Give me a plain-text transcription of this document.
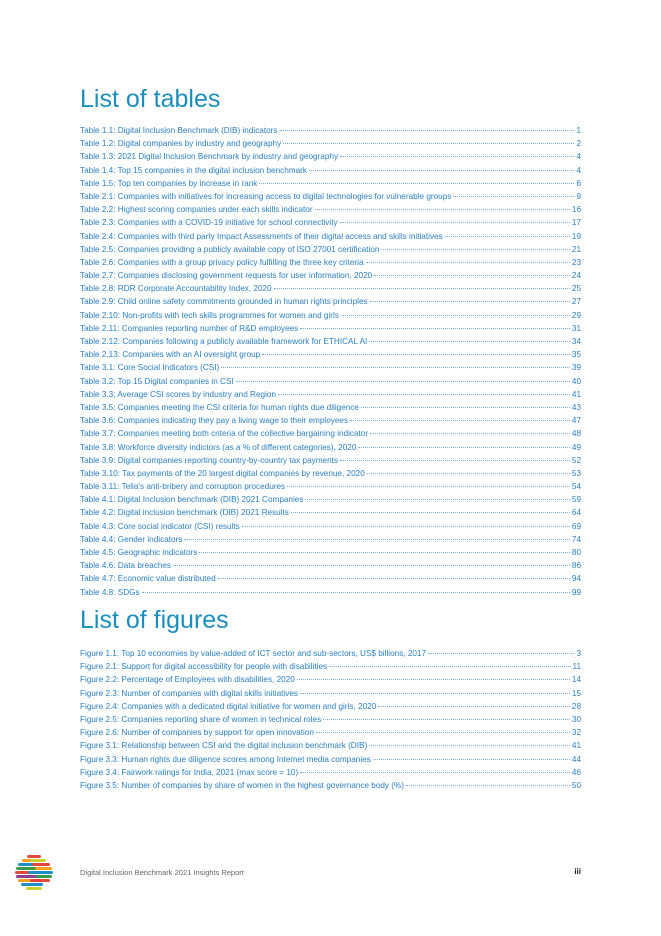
List of tables
Table 1.1: Digital Inclusion Benchmark (DIB) indicators	1
Table 1.2: Digital companies by industry and geography	2
Table 1.3: 2021 Digital Inclusion Benchmark by industry and geography	4
Table 1.4: Top 15 companies in the digital inclusion benchmark	4
Table 1.5: Top ten companies by increase in rank	6
Table 2.1: Companies with initiatives for increasing access to digital technologies for vulnerable groups	9
Table 2.2: Highest scoring companies under each skills indicator	16
Table 2.3: Companies with a COVID-19 initiative for school connectivity	17
Table 2.4: Companies with third party Impact Assessments of their digital access and skills initiatives	19
Table 2.5: Companies providing a publicly available copy of ISO 27001 certification	21
Table 2.6: Companies with a group privacy policy fulfilling the three key criteria	23
Table 2.7: Companies disclosing government requests for user information, 2020	24
Table 2.8: RDR Corporate Accountability Index, 2020	25
Table 2.9: Child online safety commitments grounded in human rights principles	27
Table 2.10: Non-profits with tech skills programmes for women and girls	29
Table 2.11: Companies reporting number of R&D employees	31
Table 2.12: Companies following a publicly available framework for ETHICAL AI	34
Table 2.13: Companies with an AI oversight group	35
Table 3.1: Core Social Indicators (CSI)	39
Table 3.2: Top 15 Digital companies in CSI	40
Table 3.3: Average CSI scores by industry and Region	41
Table 3.5: Companies meeting the CSI criteria for human rights due diligence	43
Table 3.6: Companies indicating they pay a living wage to their employees	47
Table 3.7: Companies meeting both criteria of the collective bargaining indicator	48
Table 3.8: Workforce diversity indictors (as a % of different categories), 2020	49
Table 3.9: Digital companies reporting country-by-country tax payments	52
Table 3.10: Tax payments of the 20 largest digital companies by revenue, 2020	53
Table 3.11: Telia's anti-bribery and corruption procedures	54
Table 4.1: Digital Inclusion benchmark (DIB) 2021 Companies	59
Table 4.2: Digital inclusion benchmark (DIB) 2021 Results	64
Table 4.3: Core social indicator (CSI) results	69
Table 4.4: Gender indicators	74
Table 4.5: Geographic indicators	80
Table 4.6: Data breaches	86
Table 4.7: Economic value distributed	94
Table 4.8: SDGs	99
List of figures
Figure 1.1: Top 10 economies by value-added of ICT sector and sub-sectors, US$ billions, 2017	3
Figure 2.1: Support for digital accessibility for people with disabilities	11
Figure 2.2: Percentage of Employees with disabilities, 2020	14
Figure 2.3: Number of companies with digital skills initiatives	15
Figure 2.4: Companies with a dedicated digital initiative for women and girls, 2020	28
Figure 2.5: Companies reporting share of women in technical roles	30
Figure 2.6: Number of companies by support for open innovation	32
Figure 3.1: Relationship between CSI and the digital inclusion benchmark (DIB)	41
Figure 3.3: Human rights due diligence scores among Internet media companies	44
Figure 3.4: Fairwork ratings for India, 2021 (max score = 10)	46
Figure 3.5: Number of companies by share of women in the highest governance body (%)	50
Digital Inclusion Benchmark 2021 Insights Report	iii
